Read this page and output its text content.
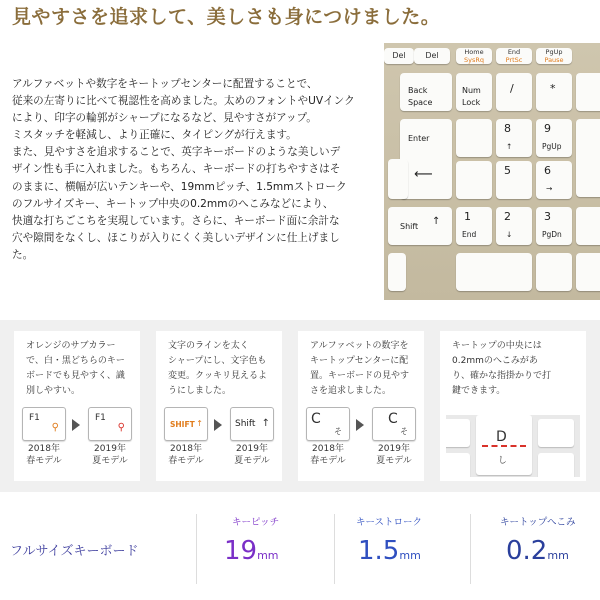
見やすさを追求して、美しさも身につけました。
アルファベットや数字をキートップセンターに配置することで、
従来の左寄りに比べて視認性を高めました。太めのフォントやUVインク
により、印字の輪郭がシャープになるなど、見やすさがアップ。
ミスタッチを軽減し、より正確に、タイピングが行えます。
また、見やすさを追求することで、英字キーボードのような美しいデ
ザイン性も手に入れました。もちろん、キーボードの打ちやすさはそ
のままに、横幅が広いテンキーや、19mmピッチ、1.5mmストローク
のフルサイズキー、キートップ中央の0.2mmのへこみなどにより、
快適な打ちごこちを実現しています。さらに、キーボード面に余計な
穴や隙間をなくし、ほこりが入りにくく美しいデザインに仕上げまし
た。
Del	Del	Home
SysRq
End
PrtSc
PgUp
Pause
Back
Space
Num
Lock
/	*
Enter
⟵
8
↑
9
PgUp
5	6
→
Shift ↑ 1
End
2
↓
3
PgDn
オレンジのサブカラー
で、白・黒どちらのキー
ボードでも見やすく、識
別しやすい。
F1
⚲
F1
⚲
2018年
春モデル
2019年
夏モデル
文字のラインを太く
シャープにし、文字色も
変更。クッキリ見えるよ
うにしました。
SHIFT ↑	Shift ↑
2018年
春モデル
2019年
夏モデル
アルファベットの数字を
キートップセンターに配
置。キーボードの見やす
さを追求しました。
C
そ
C
そ
2018年
春モデル
2019年
夏モデル
キートップの中央には
0.2mmのへこみがあ
り、確かな指掛かりで打
鍵できます。
D
し
フルサイズキーボード
キーピッチ
19mm
キーストローク
1.5mm
キートップへこみ
0.2mm
